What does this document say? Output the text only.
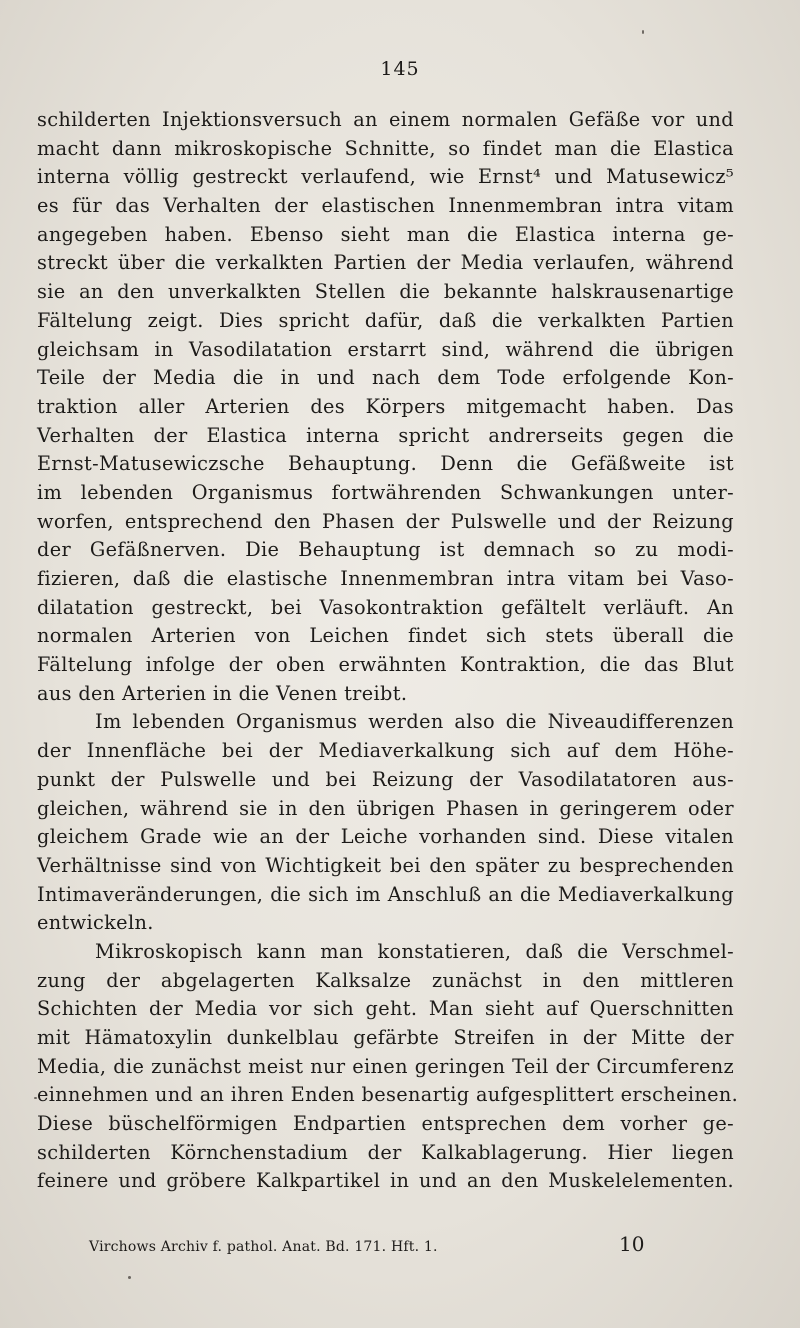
145
schilderten Injektionsversuch an einem normalen Gefäße vor und
macht dann mikroskopische Schnitte, so findet man die Elastica
interna völlig gestreckt verlaufend, wie Ernst⁴ und Matusewicz⁵
es für das Verhalten der elastischen Innenmembran intra vitam
angegeben haben. Ebenso sieht man die Elastica interna ge-
streckt über die verkalkten Partien der Media verlaufen, während
sie an den unverkalkten Stellen die bekannte halskrausenartige
Fältelung zeigt. Dies spricht dafür, daß die verkalkten Partien
gleichsam in Vasodilatation erstarrt sind, während die übrigen
Teile der Media die in und nach dem Tode erfolgende Kon-
traktion aller Arterien des Körpers mitgemacht haben. Das
Verhalten der Elastica interna spricht andrerseits gegen die
Ernst-Matusewiczsche Behauptung. Denn die Gefäßweite ist
im lebenden Organismus fortwährenden Schwankungen unter-
worfen, entsprechend den Phasen der Pulswelle und der Reizung
der Gefäßnerven. Die Behauptung ist demnach so zu modi-
fizieren, daß die elastische Innenmembran intra vitam bei Vaso-
dilatation gestreckt, bei Vasokontraktion gefältelt verläuft. An
normalen Arterien von Leichen findet sich stets überall die
Fältelung infolge der oben erwähnten Kontraktion, die das Blut
aus den Arterien in die Venen treibt.
Im lebenden Organismus werden also die Niveaudifferenzen
der Innenfläche bei der Mediaverkalkung sich auf dem Höhe-
punkt der Pulswelle und bei Reizung der Vasodilatatoren aus-
gleichen, während sie in den übrigen Phasen in geringerem oder
gleichem Grade wie an der Leiche vorhanden sind. Diese vitalen
Verhältnisse sind von Wichtigkeit bei den später zu besprechenden
Intimaveränderungen, die sich im Anschluß an die Mediaverkalkung
entwickeln.
Mikroskopisch kann man konstatieren, daß die Verschmel-
zung der abgelagerten Kalksalze zunächst in den mittleren
Schichten der Media vor sich geht. Man sieht auf Querschnitten
mit Hämatoxylin dunkelblau gefärbte Streifen in der Mitte der
Media, die zunächst meist nur einen geringen Teil der Circumferenz
einnehmen und an ihren Enden besenartig aufgesplittert erscheinen.
Diese büschelförmigen Endpartien entsprechen dem vorher ge-
schilderten Körnchenstadium der Kalkablagerung. Hier liegen
feinere und gröbere Kalkpartikel in und an den Muskelelementen.
Virchows Archiv f. pathol. Anat. Bd. 171. Hft. 1.	10
